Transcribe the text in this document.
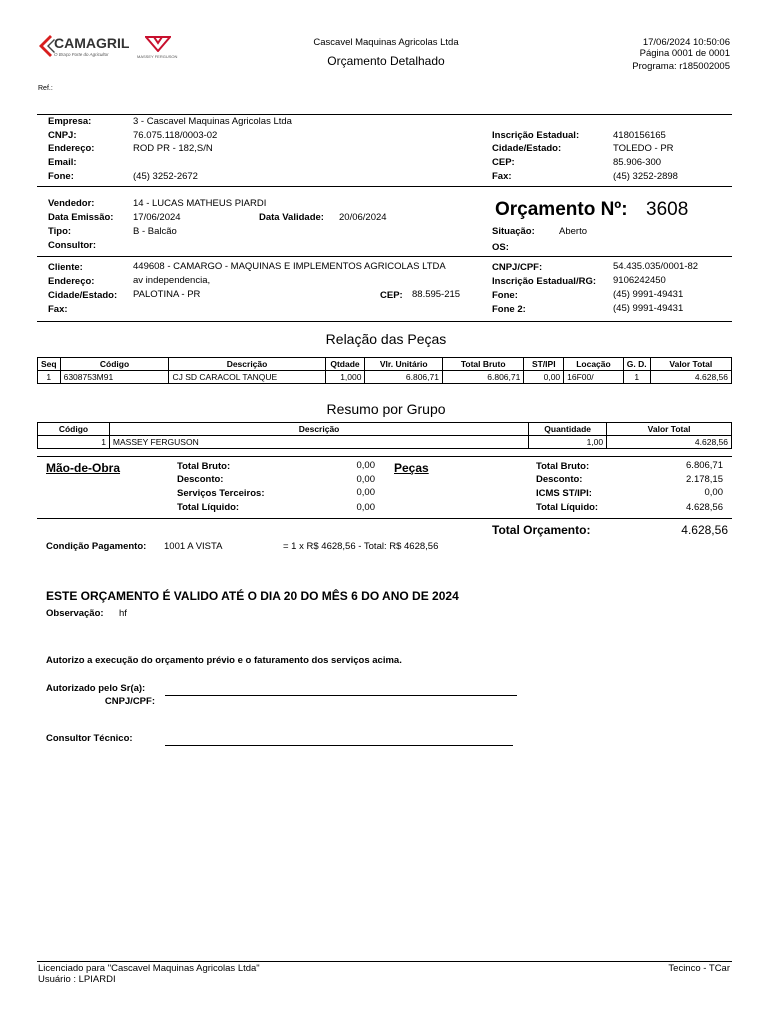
CAMAGRIL
O Braço Forte do Agricultor	MASSEY FERGUSON
Cascavel Maquinas Agricolas Ltda
Orçamento Detalhado
17/06/2024 10:50:06
Página 0001 de 0001
Programa: r185002005
Ref.:
Empresa:	3 - Cascavel Maquinas Agricolas Ltda
CNPJ:	76.075.118/0003-02
Endereço:	ROD PR - 182,S/N
Email:
Fone:	(45) 3252-2672
Inscrição Estadual:	4180156165
Cidade/Estado:	TOLEDO - PR
CEP:	85.906-300
Fax:	(45) 3252-2898
Vendedor:	14 - LUCAS MATHEUS PIARDI
Data Emissão: 17/06/2024	Data Validade: 20/06/2024
Tipo:	B - Balcão
Consultor:
Orçamento Nº: 3608
Situação:	Aberto
OS:
Cliente:	449608 - CAMARGO - MAQUINAS E IMPLEMENTOS AGRICOLAS LTDA
Endereço:	av independencia,
Cidade/Estado: PALOTINA - PR	CEP: 88.595-215
Fax:
CNPJ/CPF:	54.435.035/0001-82
Inscrição Estadual/RG: 9106242450
Fone:	(45) 9991-49431
Fone 2:	(45) 9991-49431
Relação das Peças
Seq	Código	Descrição	Qtdade	Vlr. Unitário	Total Bruto	ST/IPI	Locação	G. D.	Valor Total
1	6308753M91	CJ SD CARACOL TANQUE	1,000	6.806,71	6.806,71	0,00	16F00/	1	4.628,56
Resumo por Grupo
Código	Descrição	Quantidade	Valor Total
1	MASSEY FERGUSON	1,00	4.628,56
Mão-de-Obra	Total Bruto:	0,00
Desconto:	0,00
Serviços Terceiros:	0,00
Total Líquido:	0,00
Peças	Total Bruto:	6.806,71
Desconto:	2.178,15
ICMS ST/IPI:	0,00
Total Líquido:	4.628,56
Total Orçamento:	4.628,56
Condição Pagamento: 1001 A VISTA	= 1 x R$ 4628,56 - Total: R$ 4628,56
ESTE ORÇAMENTO É VALIDO ATÉ O DIA 20 DO MÊS 6 DO ANO DE 2024
Observação: hf
Autorizo a execução do orçamento prévio e o faturamento dos serviços acima.
Autorizado pelo Sr(a):
CNPJ/CPF:
Consultor Técnico:
Licenciado para "Cascavel Maquinas Agricolas Ltda"
Usuário : LPIARDI
Tecinco - TCar
